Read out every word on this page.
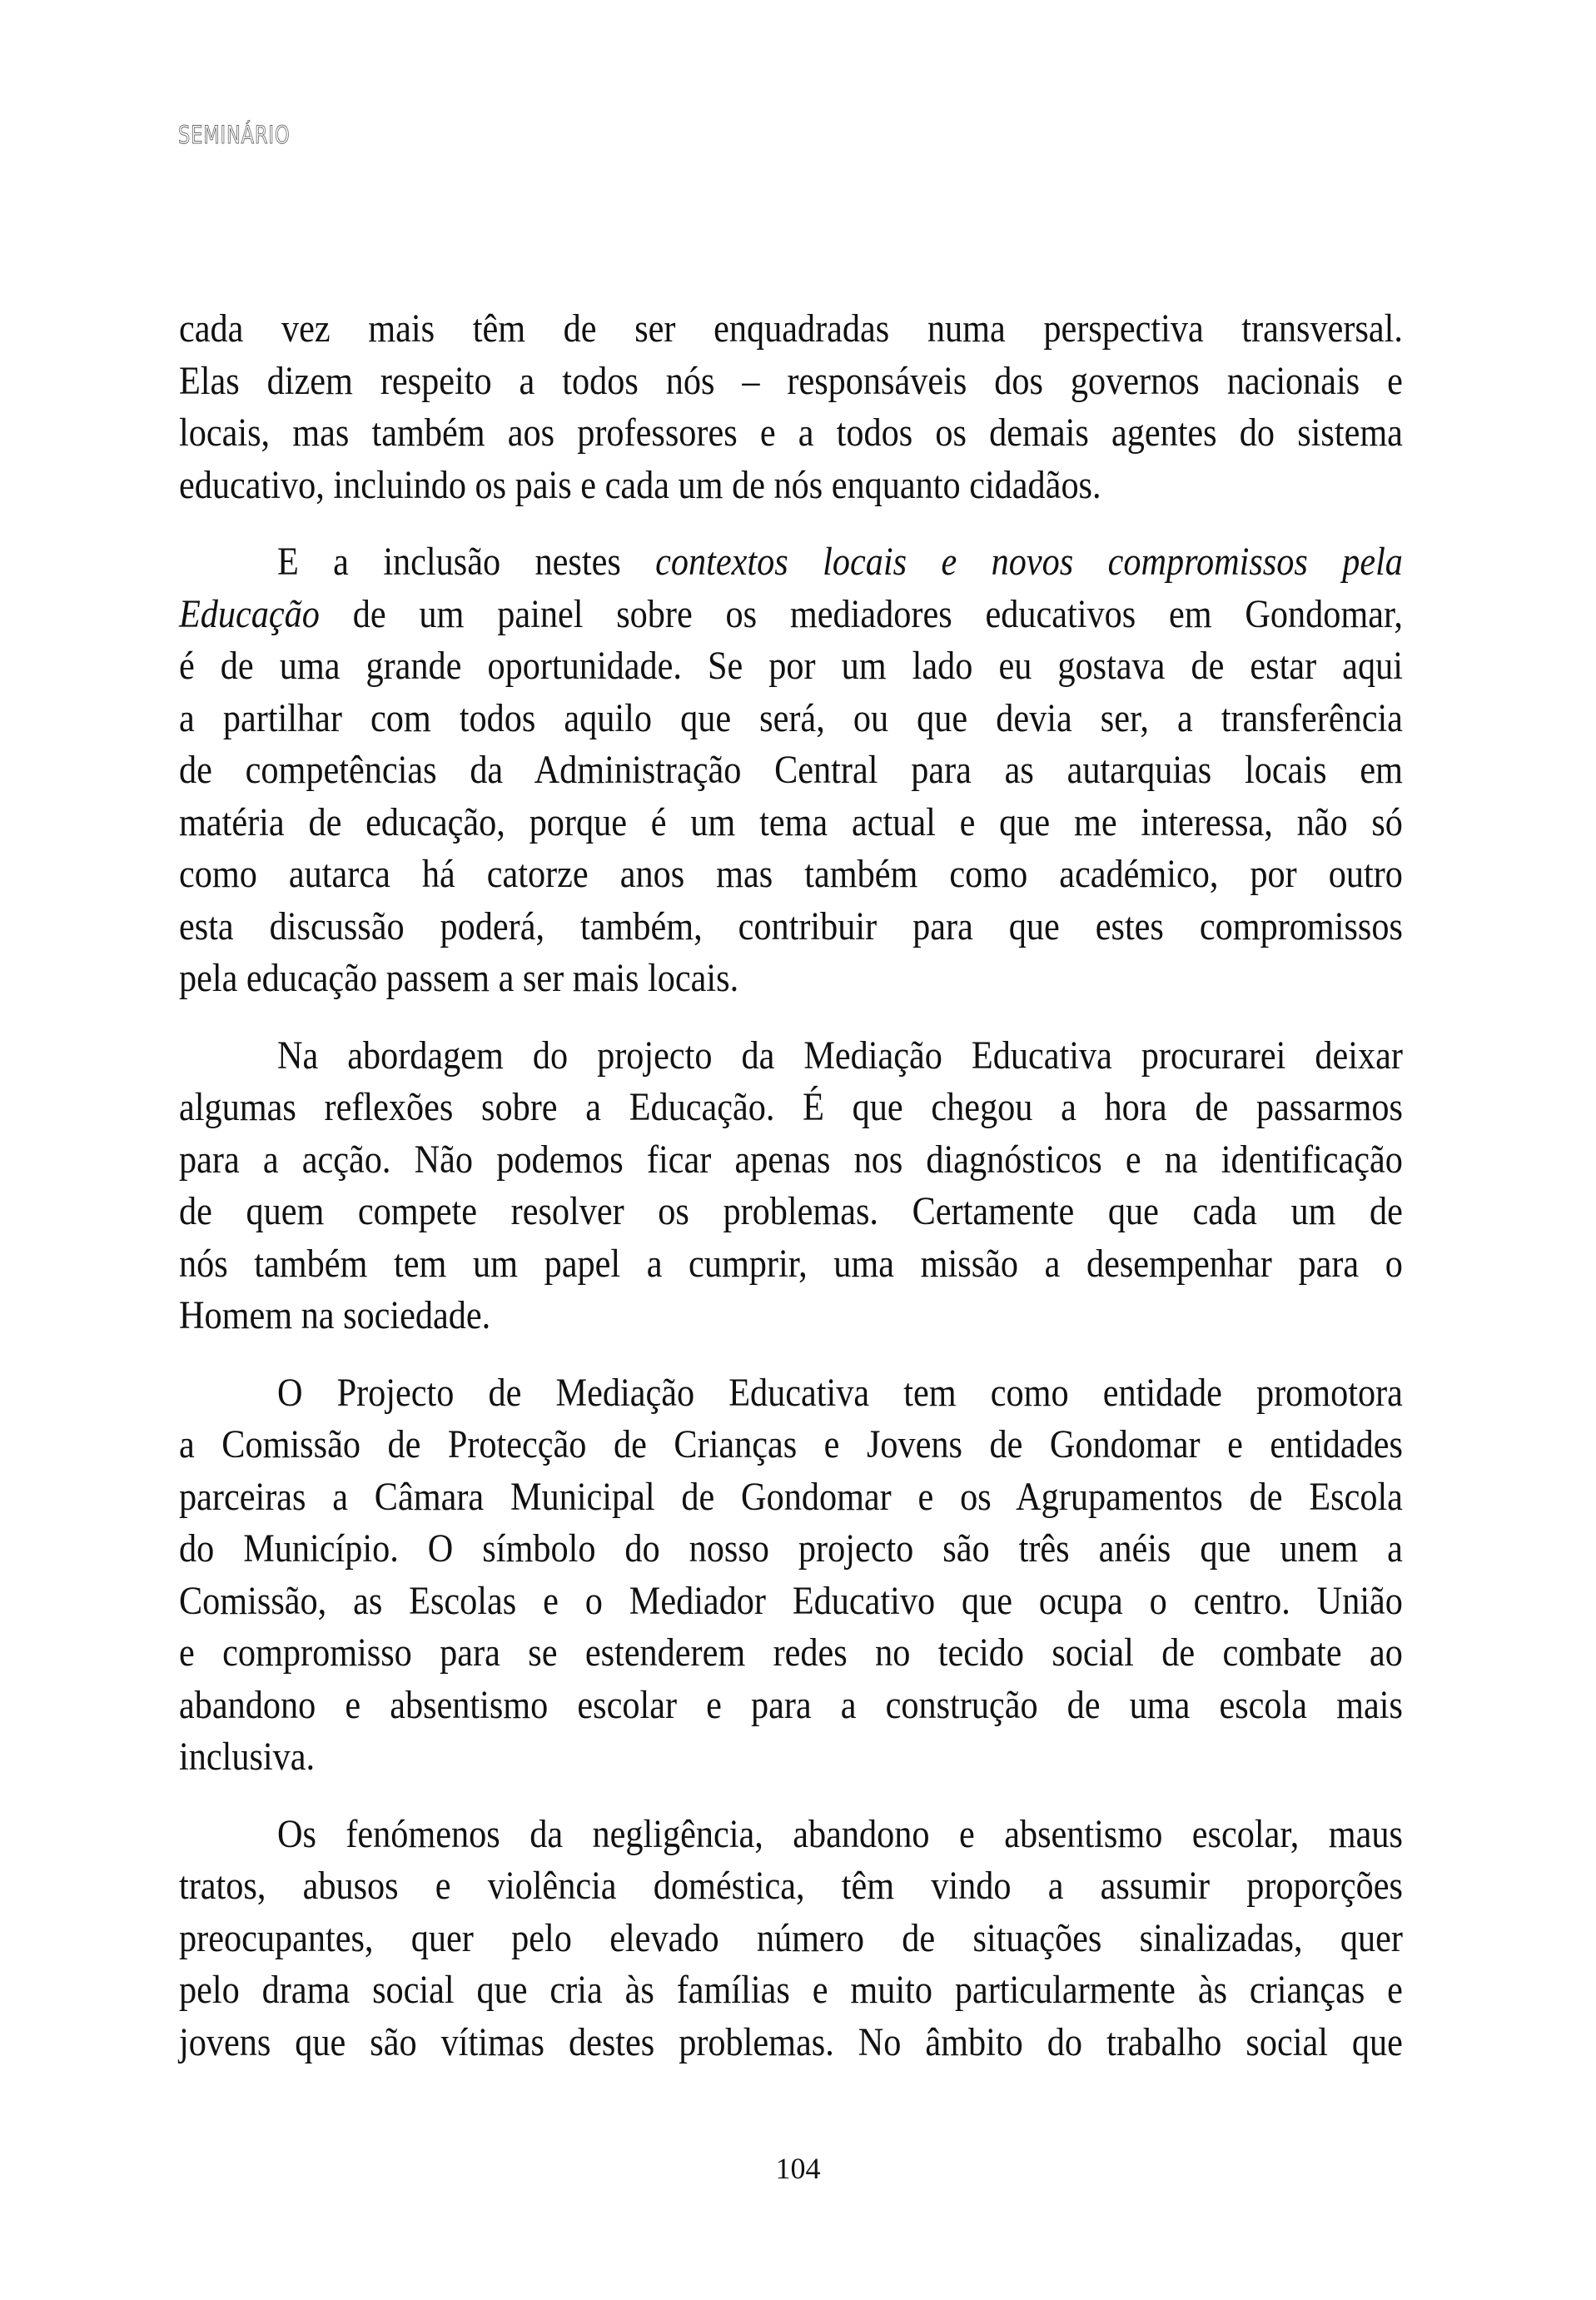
SEMINÁRIO

cada vez mais têm de ser enquadradas numa perspectiva transversal.
Elas dizem respeito a todos nós – responsáveis dos governos nacionais e
locais, mas também aos professores e a todos os demais agentes do sistema
educativo, incluindo os pais e cada um de nós enquanto cidadãos.

E a inclusão nestes contextos locais e novos compromissos pela
Educação de um painel sobre os mediadores educativos em Gondomar,
é de uma grande oportunidade. Se por um lado eu gostava de estar aqui
a partilhar com todos aquilo que será, ou que devia ser, a transferência
de competências da Administração Central para as autarquias locais em
matéria de educação, porque é um tema actual e que me interessa, não só
como autarca há catorze anos mas também como académico, por outro
esta discussão poderá, também, contribuir para que estes compromissos
pela educação passem a ser mais locais.

Na abordagem do projecto da Mediação Educativa procurarei deixar
algumas reflexões sobre a Educação. É que chegou a hora de passarmos
para a acção. Não podemos ficar apenas nos diagnósticos e na identificação
de quem compete resolver os problemas. Certamente que cada um de
nós também tem um papel a cumprir, uma missão a desempenhar para o
Homem na sociedade.

O Projecto de Mediação Educativa tem como entidade promotora
a Comissão de Protecção de Crianças e Jovens de Gondomar e entidades
parceiras a Câmara Municipal de Gondomar e os Agrupamentos de Escola
do Município. O símbolo do nosso projecto são três anéis que unem a
Comissão, as Escolas e o Mediador Educativo que ocupa o centro. União
e compromisso para se estenderem redes no tecido social de combate ao
abandono e absentismo escolar e para a construção de uma escola mais
inclusiva.

Os fenómenos da negligência, abandono e absentismo escolar, maus
tratos, abusos e violência doméstica, têm vindo a assumir proporções
preocupantes, quer pelo elevado número de situações sinalizadas, quer
pelo drama social que cria às famílias e muito particularmente às crianças e
jovens que são vítimas destes problemas. No âmbito do trabalho social que

104
